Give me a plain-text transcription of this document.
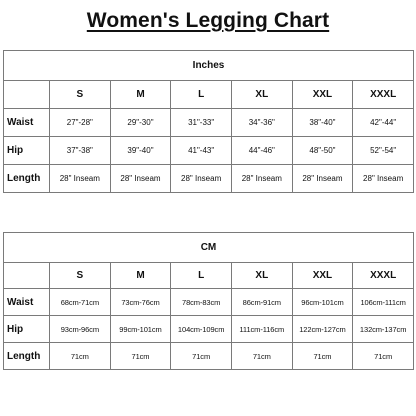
Women's Legging Chart
Inches						
	S	M	L	XL	XXL	XXXL
Waist	27"-28"	29"-30"	31"-33"	34"-36"	38"-40"	42"-44"
Hip	37"-38"	39"-40"	41"-43"	44"-46"	48"-50"	52"-54"
Length	28" Inseam	28" Inseam	28" Inseam	28" Inseam	28" Inseam	28" Inseam
CM						
	S	M	L	XL	XXL	XXXL
Waist	68cm-71cm	73cm-76cm	78cm-83cm	86cm-91cm	96cm-101cm	106cm-111cm
Hip	93cm-96cm	99cm-101cm	104cm-109cm	111cm-116cm	122cm-127cm	132cm-137cm
Length	71cm	71cm	71cm	71cm	71cm	71cm
